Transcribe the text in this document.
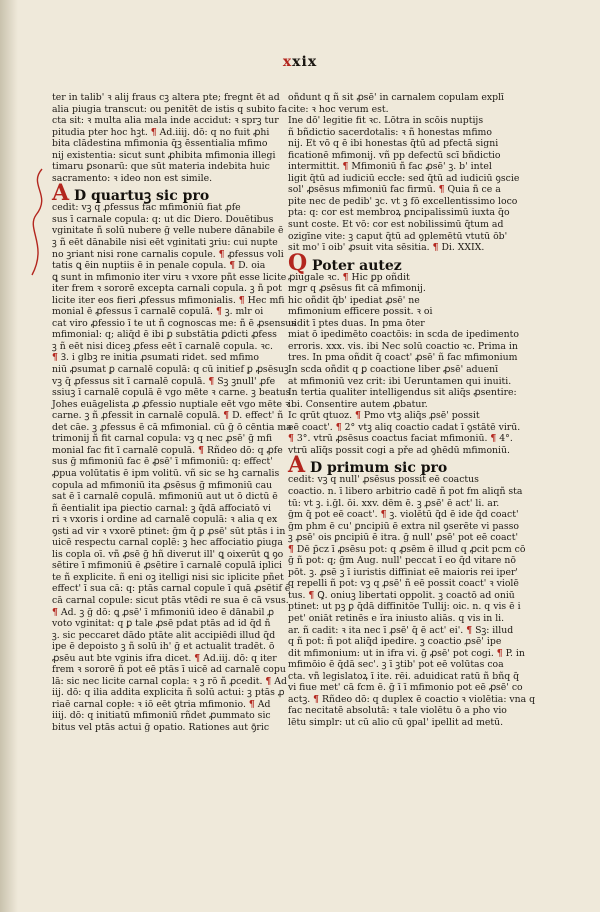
xxix
ter in talib' ꝛ alij fraus cꝫ altera pte; fregnt ēt ad
alia piugia transcut: ou penitēt de istis q subito fa
cta sit: ꝛ multa alia mala inde accidut: ꝛ sprꝫ tur
pitudia pter hoc hꝫt. ¶ Ad.iiij. dō: q no fuit ꝓhi
bita clādestina mfimonia q̄ꝫ ēssentialia mfimo
nij existentia: sicut sunt ꝓhibita mfimonia illegi
timaru ꝑsonarū: que sūt materia indebita huic
sacramento: ꝛ ideo non est simile.
A D quartuꝫ sic pro
cedit: vꝫ q ꝓfessus fac mfimoniū fiat ꝓfe
sus ī carnale copula: q: ut dic Diero. Douētibus
vginitate ñ solū nubere ḡ velle nubere dānabile ē
ꝫ ñ eēt dānabile nisi eēt vginitati ꝫriu: cui nupte
no ꝫriant nisi rone carnalis copule. ¶ ꝓfessus voli
tatis ꝗ ēin nuptiis ē in penale copula. ¶ D. oia
ꝗ sunt in mfimonio iter viru ꝛ vxore pñt esse licite
iter frem ꝛ sororē excepta carnali copula. ꝫ ñ pot
licite iter eos fieri ꝓfessus mfimonialis. ¶ Hec mfi
monial ē ꝓfessus ī carnalē copulā. ¶ ꝫ. mlr oi
cat viro ꝓfessio ī te ut ñ cognoscas me: ñ ē ꝓsensus
mfimonial: q; aliq̄d ē ibi ꝑ substātia ꝑdicti ꝓfess
ꝫ ñ eēt nisi diceꝫ ꝓfess eēt ī carnalē copula. ꝛc.
¶ Ꝫ. i glbꝫ re initia ꝓsumati ridet. sed mfimo
niū ꝓsumat ꝑ carnalē copulā: q cū initief ꝑ ꝓsēsuꝫ
vꝫ q̄ ꝓfessus sit ī carnalē copulā. ¶ Sꝫ ꝫnull' ꝓfe
ssiuꝫ ī carnalē copulā ē vgo mēte ꝛ carne. ꝫ beatus
Johes euāgelista ꝓ ꝓfessio nuptiale eēt vgo mēte ꝛ
carne. ꝫ ñ ꝓfessit in carnalē copulā. ¶ D. effect' ñ
det cāe. ꝫ ꝓfessus ē cā mfimonial. cū ḡ ō cēntia ma
trimonij ñ fit carnal copula: vꝫ q nec ꝓsē' ḡ mfi
monial fac fit ī carnalē copulā. ¶ Rñdeo dō: q ꝓfe
sus ḡ mfimoniū fac ē ꝓsē' ī mfimoniū: q: effect'
ꝓpua volūtatis ē ipm volitū. vñ sic se hꝫ carnalis
copula ad mfimoniū ita ꝓsēsus ḡ mfimoniū cau
sat ē ī carnalē copulā. mfimoniū aut ut ō dictū ē
ñ ēentialit ipa ꝑiectio carnal: ꝫ q̄dā affociatō vi
ri ꝛ vxoris i ordine ad carnalē copulā: ꝛ alia q ex
ꝯsti ad vir ꝛ vxorē ptinet: ḡm q̄ ꝑ ꝓsē' sūt ptās i in
uicē respectu carnal coplē: ꝫ hec affociatio ꝑiuga
lis copla oī. vñ ꝓsē ḡ hñ diverut ill' ꝗ oixerūt ꝗ ꝯo
sētire ī mfimoniū ē ꝓsētire ī carnalē copulā iplici
te ñ explicite. ñ eni oꝫ itelligi nisi sic iplicite pñet
effect' ī sua cā: q: ptās carnal copule ī quā ꝓsētif ē
cā carnal copule: sicut ptās vtēdi re sua ē cā vsus.
¶ Ad. ꝫ ḡ dō: ꝗ ꝓsē' ī mfimoniū ideo ē dānabil ꝓ
voto vginitat: q ꝑ tale ꝓsē pdat ptās ad id q̄d ñ
ꝫ. sic peccaret dādo ptāte alit accipiēdi illud q̄d
ipe ē depoisto ꝫ ñ solū ih' ḡ et actualit tradēt. ō
ꝓsēu aut bte vginis ifra dicet. ¶ Ad.iij. dō: q iter
frem ꝛ sororē ñ pot eē ptās ī uicē ad carnalē copu
lā: sic nec licite carnal copla: ꝛ ꝫ rō ñ ꝓcedit. ¶ Ad
iij. dō: q ilia addita explicita ñ solū actui: ꝫ ptās ꝓ
riaē carnal copłe: ꝛ iō eēt ꝯtria mfimonio. ¶ Ad
iiij. dō: q initiatū mfimoniū rñdet ꝓummato sic
bitus vel ptās actui ḡ opatio. Rationes aut ꝯ̄ric
oñdunt q ñ sit ꝓsē' in carnalem copulam explī
cite: ꝛ hoc verum est.
Ine dō' legitie fit ꝛc. Lōtra in scōis nuptijs
ñ bñdictio sacerdotalis: ꝛ ñ honestas mfimo
nij. Et vō q ē ibi honestas q̄tū ad pfectā signi
ficationē mfimonij. vñ pp defectū scī bñdictio
intermittit. ¶ Mfimoniū ñ fac ꝓsē' ꝫ. b' intel
ligit q̄tū ad iudiciū eccłe: sed q̄tū ad iudiciū ꝯscie
sol' ꝓsēsus mfimoniū fac firmū. ¶ Quia ñ ce a
pite nec de pedib' ꝫc. vt ꝫ fō excellentissimo loco
pta: q: cor est membroꝝ ꝑncipalissimū iuxta q̄o
sunt coste. Et vō: cor est nobilissimū q̄tum ad
ozigīne vite: ꝫ caput q̄tū ad ꝯplemētū vtutū ōb'
sit mo' ī oib' ꝓsuit vita sēsitia. ¶ Di. XXIX.
Q Poter autez
ꝓiugale ꝛc. ¶ Hic ꝑp oñdit
mgr q ꝓsēsus fit cā mfimonij.
hic oñdit q̄b' ipediat ꝓsē' ne
mfimonium efficere possit. ꝛ oi
uidit ī ptes duas. In pma ōter
miat ō ipedimēto coactōis: in scda de ipedimento
erroris. xxx. vis. ibi Nec solū coactio ꝛc. Prima in
tres. In pma oñdit q̄ coact' ꝓsē' ñ fac mfimonium
In scda oñdit q ꝑ coactione liber ꝓsē' aduenī
at mfimoniū vez crit: ibi Ueruntamen qui inuiti.
In tertia qualiter intelligendus sit aliq̄s ꝓsentire:
ibi. Consentire autem ꝓbatur.
Ic qrūt qtuoz. ¶ Pmo vtꝫ aliq̄s ꝓsē' possit
eē coact'. ¶ 2° vtꝫ aliq coactio cadat ī ꝯstātē virū.
¶ 3°. vtrū ꝓsēsus coactus faciat mfimoniū. ¶ 4°.
vtrū alīq̄s possit cogi a pře ad ꝯhēdū mfimoniū.
A D primum sic pro
cedit: vꝫ q null' ꝓsēsus possit eē coactus
coactio. n. ī libero arbitrio cadē ñ pot fm aliqñ sta
tū: vt ꝫ. i.ḡl. ōi. xxv. dēm ē. ꝫ ꝓsē' ē act' li. ar.
ḡm q̄ pot eē coact'. ¶ ꝫ. violētū q̄d ē ide q̄d coact'
ḡm phm ē cu' ꝑncipiū ē extra nil ꝯserēte vi passo
ꝫ ꝓsē' ois ꝑncipiū ē itra. ḡ null' ꝓsē' pot eē coact'
¶ Dē p̄cz ī ꝓsēsu pot: q ꝓsēm ē illud q ꝓcit pcm cō
ḡ ñ pot: q; ḡm Aug. null' peccat ī eo q̄d vitare nō
pōt. ꝫ. ꝓsē ꝫ ī iuristis diffiniat eē maioris rei iper'
q repelli ñ pot: vꝫ q ꝓsē' ñ eē possit coact' ꝛ violē
tus. ¶ Ꝗ. oniuꝫ libertati oppolit. ꝫ coactō ad oniū
ptinet: ut pꝫ ꝑ q̄dā diffinitōe Tullij: oic. n. q vis ē i
pet' oniāt retinēs e ĭra iniusto aliās. q vis in li.
ar. ñ cadit: ꝛ ita nec ī ꝓsē' q̄ ē act' ei'. ¶ Sꝫ: illud
q ñ pot: ñ pot aliq̄d ipedire. ꝫ coactio ꝓsē' ipe
dit mfimonium: ut in ifra vi. ḡ ꝓsē' pot cogi. ¶ P. in
mfimōio ē q̄dā sec'. ꝫ ī ꝫtib' pot eē volūtas coa
cta. vñ legislatoꝝ ī ite. rēi. aduidicat ratū ñ bñq q̄
vi fiue met' cā fcm ē. ḡ ī ī mfimonio pot eē ꝓsē' co
actꝫ. ¶ Rñdeo dō: q duplex ē coactio ꝛ violētia: vna q
fac necitatē absolutā: ꝛ tale violētu ō a pho vio
lētu simplr: ut cū alio cū ꝯpal' ipellit ad metū.
